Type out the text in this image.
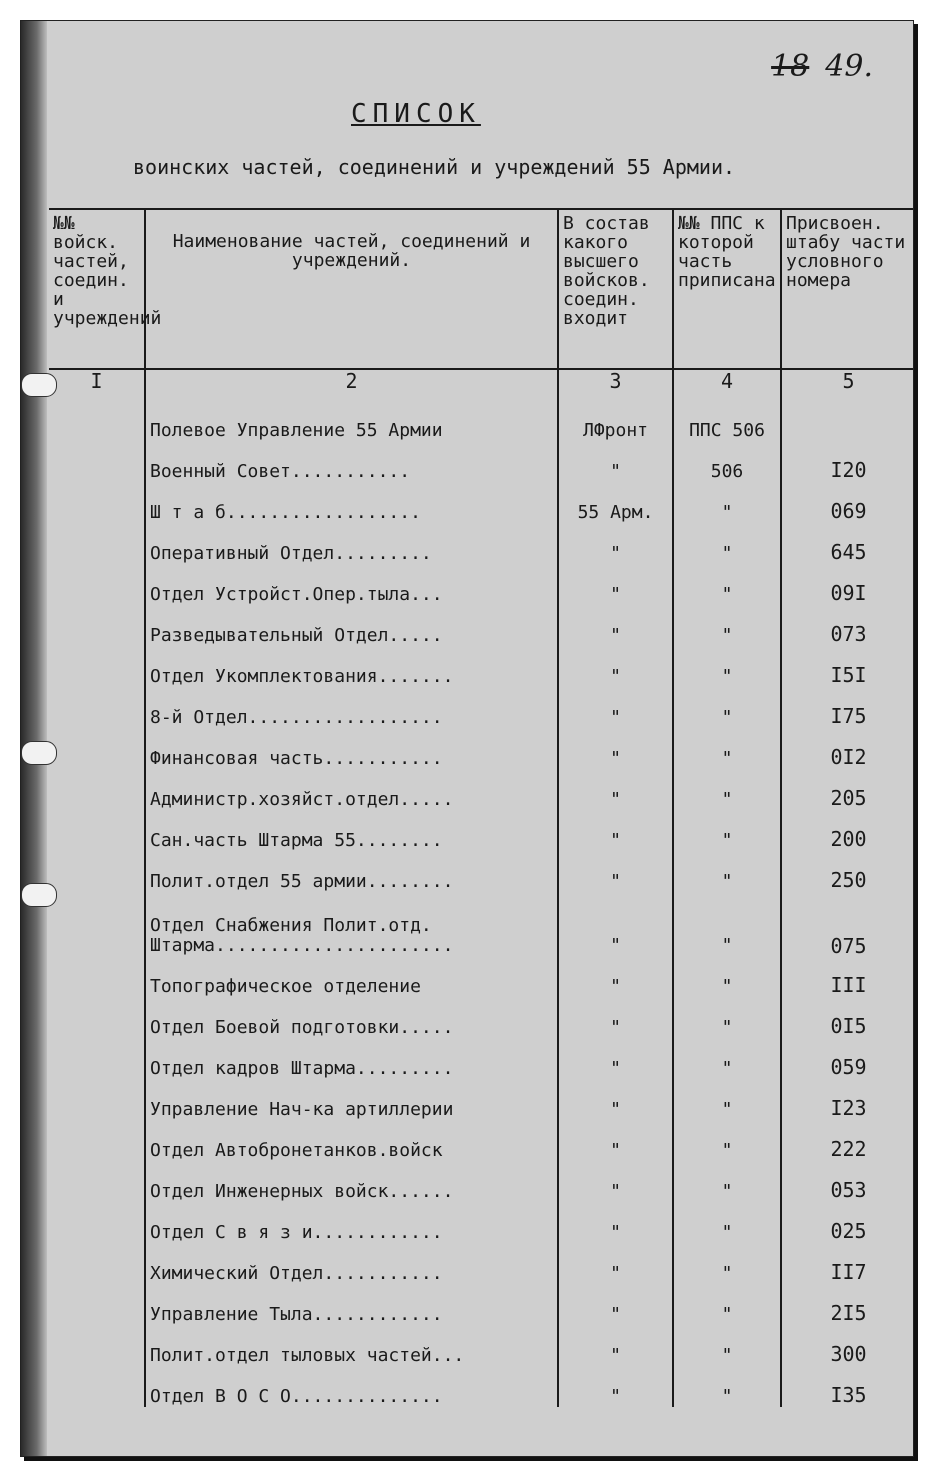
18 49.
СПИСОК
воинских частей, соединений и учреждений 55 Армии.
№№ войск. частей, соедин. и учреждений	Наименование частей, соединений и учреждений.	В состав какого высшего войсков. соедин. входит	№№ ППС к которой часть приписана	Присвоен. штабу части условного номера
I	2	3	4	5
	Полевое Управление 55 Армии	ЛФронт	ППС 506	
	Военный Совет...........	"	506	I20
	Ш т а б..................	55 Арм.	"	069
	Оперативный Отдел.........	"	"	645
	Отдел Устройст.Опер.тыла...	"	"	09I
	Разведывательный Отдел.....	"	"	073
	Отдел Укомплектования.......	"	"	I5I
	8-й Отдел..................	"	"	I75
	Финансовая часть...........	"	"	0I2
	Администр.хозяйст.отдел.....	"	"	205
	Сан.часть Штарма 55........	"	"	200
	Полит.отдел 55 армии........	"	"	250
	Отдел Снабжения Полит.отд. Штарма......................	"	"	075
	Топографическое отделение	"	"	III
	Отдел Боевой подготовки.....	"	"	0I5
	Отдел кадров Штарма.........	"	"	059
	Управление Нач-ка артиллерии	"	"	I23
	Отдел Автобронетанков.войск	"	"	222
	Отдел Инженерных войск......	"	"	053
	Отдел С в я з и............	"	"	025
	Химический Отдел...........	"	"	II7
	Управление Тыла............	"	"	2I5
	Полит.отдел тыловых частей...	"	"	300
	Отдел В О С О..............	"	"	I35
